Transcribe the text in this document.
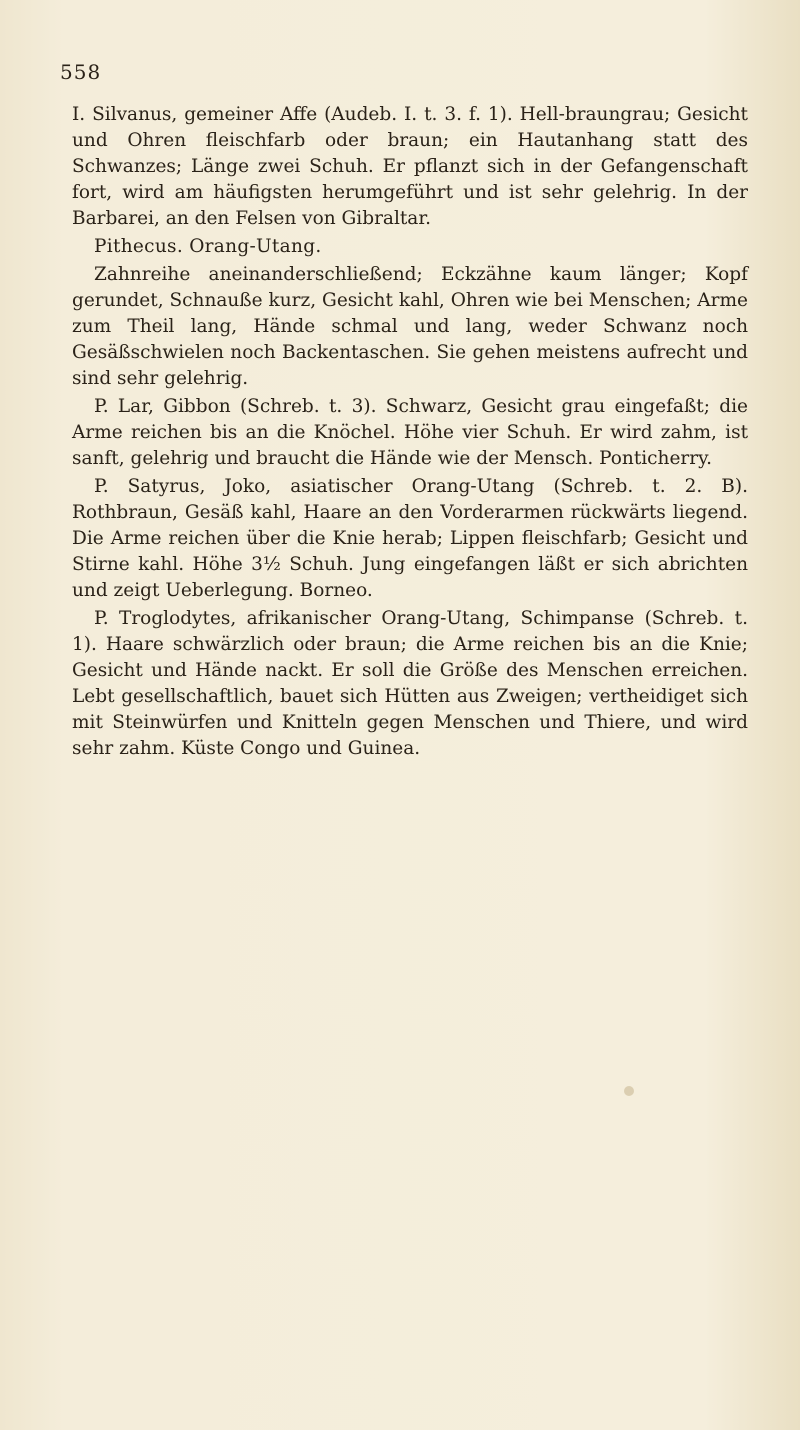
558

I. Silvanus, gemeiner Affe (Audeb. I. t. 3. f. 1). Hell-braungrau; Gesicht und Ohren fleischfarb oder braun; ein Hautanhang statt des Schwanzes; Länge zwei Schuh. Er pflanzt sich in der Gefangenschaft fort, wird am häufigsten herumgeführt und ist sehr gelehrig. In der Barbarei, an den Felsen von Gibraltar.

Pithecus. Orang-Utang.

Zahnreihe aneinanderschließend; Eckzähne kaum länger; Kopf gerundet, Schnauße kurz, Gesicht kahl, Ohren wie bei Menschen; Arme zum Theil lang, Hände schmal und lang, weder Schwanz noch Gesäßschwielen noch Backentaschen. Sie gehen meistens aufrecht und sind sehr gelehrig.

P. Lar, Gibbon (Schreb. t. 3). Schwarz, Gesicht grau eingefaßt; die Arme reichen bis an die Knöchel. Höhe vier Schuh. Er wird zahm, ist sanft, gelehrig und braucht die Hände wie der Mensch. Ponticherry.

P. Satyrus, Joko, asiatischer Orang-Utang (Schreb. t. 2. B). Rothbraun, Gesäß kahl, Haare an den Vorderarmen rückwärts liegend. Die Arme reichen über die Knie herab; Lippen fleischfarb; Gesicht und Stirne kahl. Höhe 3½ Schuh. Jung eingefangen läßt er sich abrichten und zeigt Ueberlegung. Borneo.

P. Troglodytes, afrikanischer Orang-Utang, Schimpanse (Schreb. t. 1). Haare schwärzlich oder braun; die Arme reichen bis an die Knie; Gesicht und Hände nackt. Er soll die Größe des Menschen erreichen. Lebt gesellschaftlich, bauet sich Hütten aus Zweigen; vertheidiget sich mit Steinwürfen und Knitteln gegen Menschen und Thiere, und wird sehr zahm. Küste Congo und Guinea.
